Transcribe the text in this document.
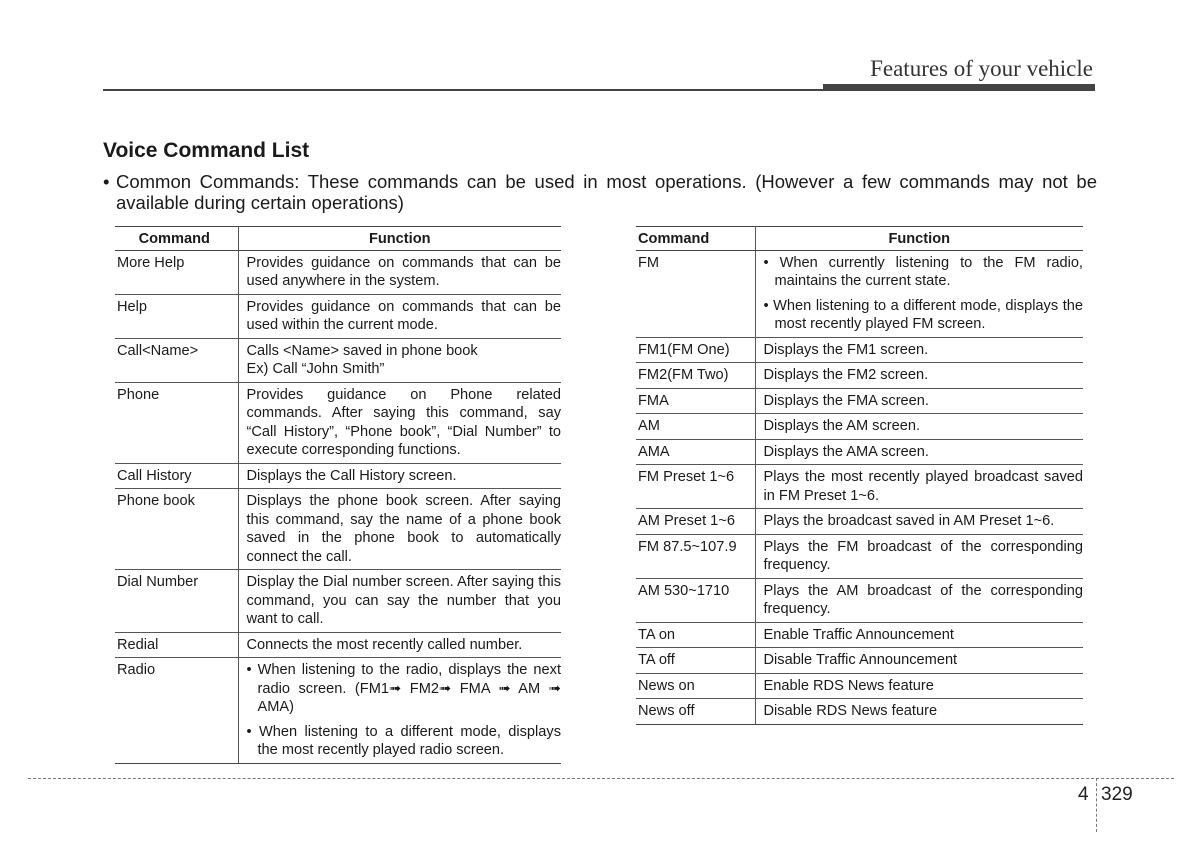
Features of your vehicle
Voice Command List
• Common Commands: These commands can be used in most operations. (However a few commands may not be available during certain operations)
Command	Function
More Help	Provides guidance on commands that can be used anywhere in the system.

Help	Provides guidance on commands that can be used within the current mode.

Call<Name>	Calls <Name> saved in phone book
Ex) Call “John Smith”

Phone	Provides guidance on Phone related commands. After saying this command, say “Call History”, “Phone book”, “Dial Number” to execute corresponding functions.

Call History	Displays the Call History screen.

Phone book	Displays the phone book screen. After saying this command, say the name of a phone book saved in the phone book to automatically connect the call.

Dial Number	Display the Dial number screen. After saying this command, you can say the number that you want to call.

Redial	Connects the most recently called number.

Radio	• When listening to the radio, displays the next radio screen. (FM1➟ FM2➟ FMA ➟ AM ➟ AMA)
• When listening to a different mode, displays the most recently played radio screen.
Command	Function
FM	• When currently listening to the FM radio, maintains the current state.
• When listening to a different mode, displays the most recently played FM screen.

FM1(FM One)	Displays the FM1 screen.

FM2(FM Two)	Displays the FM2 screen.

FMA	Displays the FMA screen.

AM	Displays the AM screen.

AMA	Displays the AMA screen.

FM Preset 1~6	Plays the most recently played broadcast saved in FM Preset 1~6.

AM Preset 1~6	Plays the broadcast saved in AM Preset 1~6.

FM 87.5~107.9	Plays the FM broadcast of the corresponding frequency.

AM 530~1710	Plays the AM broadcast of the corresponding frequency.

TA on	Enable Traffic Announcement

TA off	Disable Traffic Announcement

News on	Enable RDS News feature

News off	Disable RDS News feature
4 329
